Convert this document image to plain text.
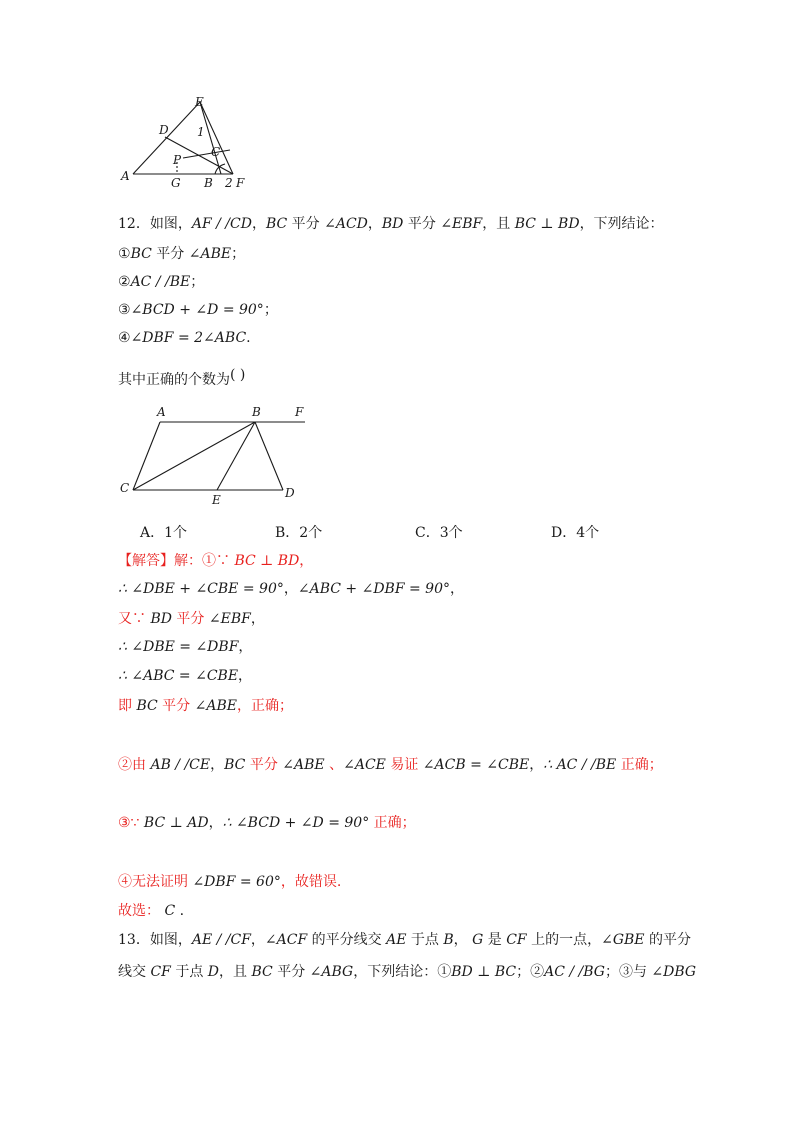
E
D 1
C
P
A	G B 2 F
12．如图，AF / /CD，BC 平分 ∠ACD，BD 平分 ∠EBF，且 BC ⊥ BD，下列结论：
①BC 平分 ∠ABE；
②AC / /BE；
③∠BCD + ∠D = 90°；
④∠DBF = 2∠ABC.
其中正确的个数为( )
A	B	F
C
E	D
A．1个	B．2个	C．3个	D．4个
【解答】解：①∵ BC ⊥ BD，
∴ ∠DBE + ∠CBE = 90°，∠ABC + ∠DBF = 90°，
又∵ BD 平分 ∠EBF，
∴ ∠DBE = ∠DBF，
∴ ∠ABC = ∠CBE，
即 BC 平分 ∠ABE，正确；
②由 AB / /CE，BC 平分 ∠ABE 、∠ACE 易证 ∠ACB = ∠CBE，∴ AC / /BE 正确；
③∵ BC ⊥ AD，∴ ∠BCD + ∠D = 90° 正确；
④无法证明 ∠DBF = 60°，故错误.
故选： C .
13．如图，AE / /CF，∠ACF 的平分线交 AE 于点 B， G 是 CF 上的一点，∠GBE 的平分
线交 CF 于点 D，且 BC 平分 ∠ABG，下列结论：①BD ⊥ BC；②AC / /BG；③与 ∠DBG
